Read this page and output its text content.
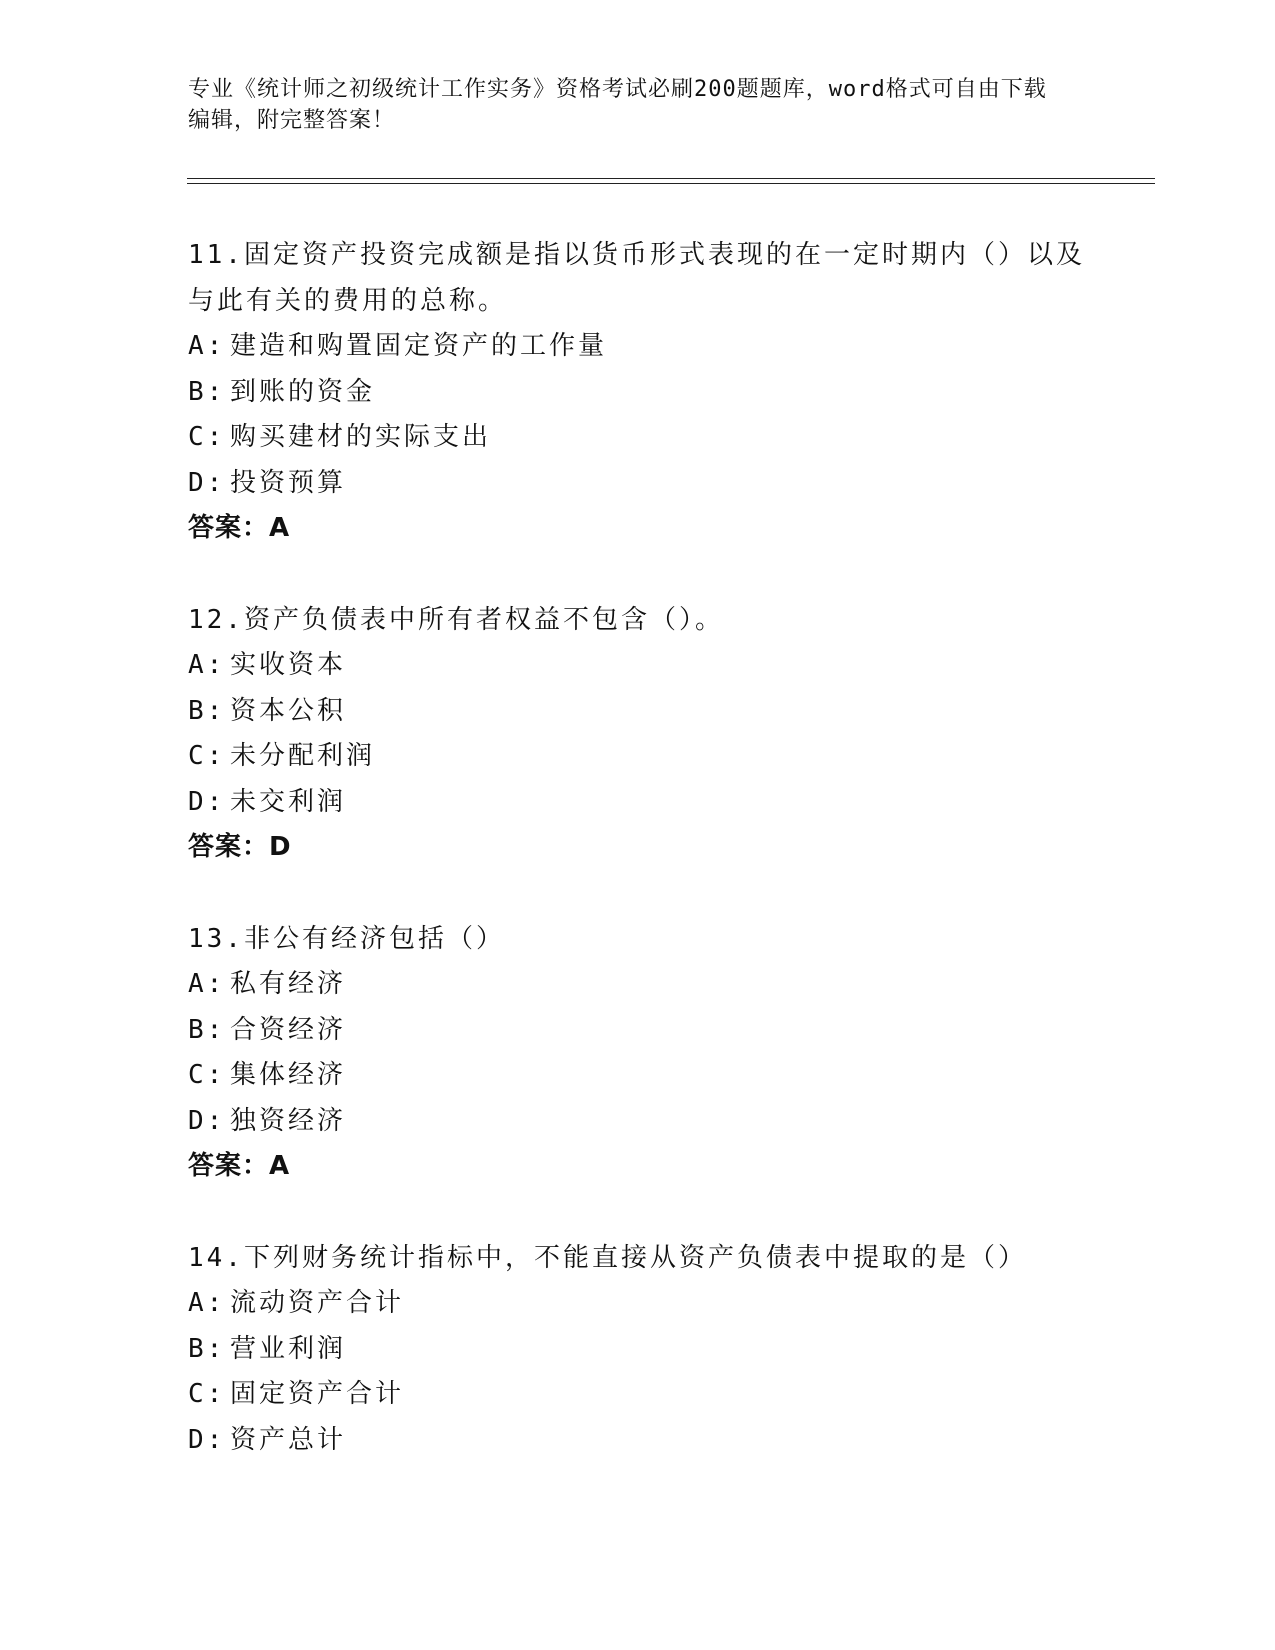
专业《统计师之初级统计工作实务》资格考试必刷200题题库，word格式可自由下载编辑，附完整答案！

11.固定资产投资完成额是指以货币形式表现的在一定时期内（）以及与此有关的费用的总称。

A: 建造和购置固定资产的工作量

B: 到账的资金

C: 购买建材的实际支出

D: 投资预算

答案：A

12.资产负债表中所有者权益不包含（）。

A: 实收资本

B: 资本公积

C: 未分配利润

D: 未交利润

答案：D

13.非公有经济包括（）

A: 私有经济

B: 合资经济

C: 集体经济

D: 独资经济

答案：A

14.下列财务统计指标中，不能直接从资产负债表中提取的是（）

A: 流动资产合计

B: 营业利润

C: 固定资产合计

D: 资产总计
